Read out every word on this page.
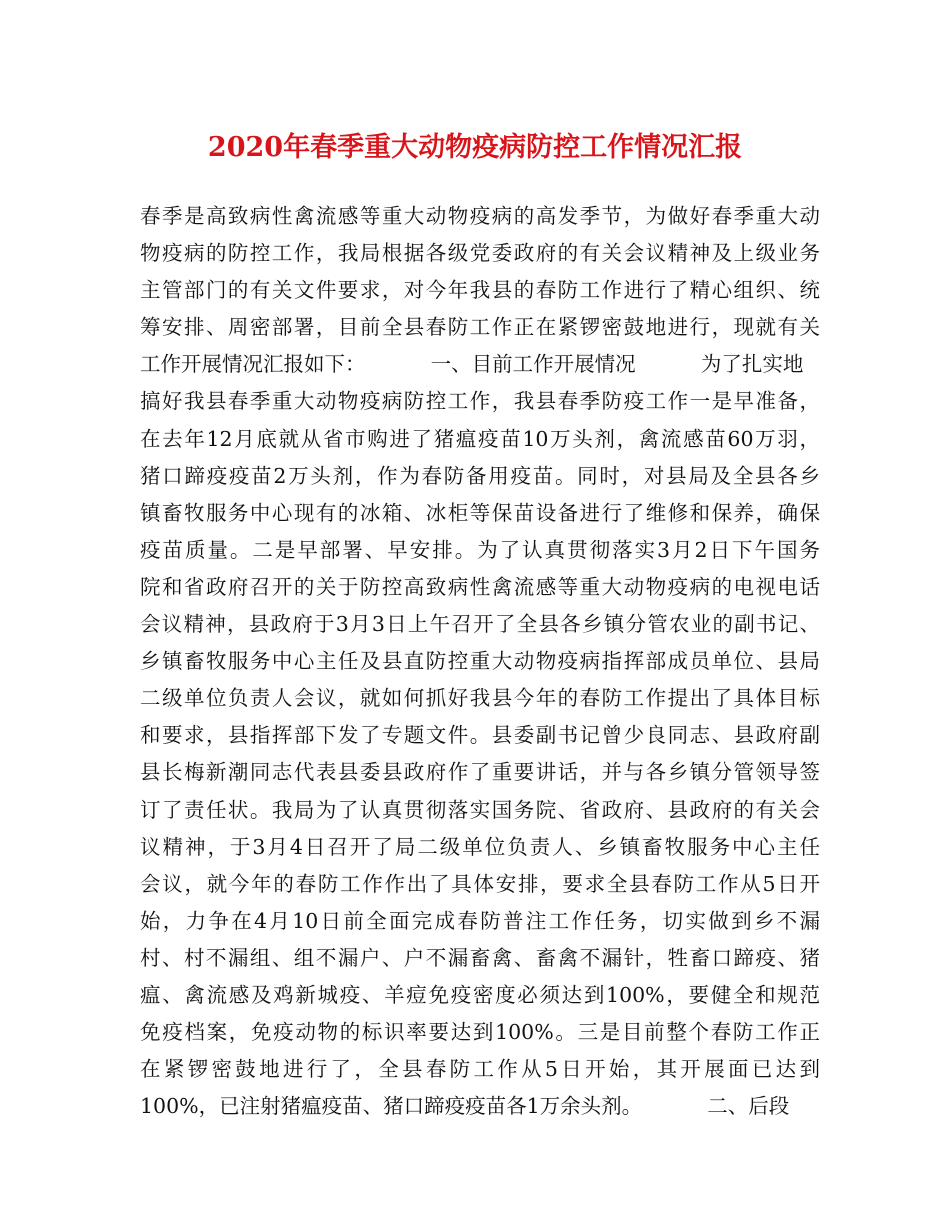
2020年春季重大动物疫病防控工作情况汇报
春季是高致病性禽流感等重大动物疫病的高发季节，为做好春季重大动
物疫病的防控工作，我局根据各级党委政府的有关会议精神及上级业务
主管部门的有关文件要求，对今年我县的春防工作进行了精心组织、统
筹安排、周密部署，目前全县春防工作正在紧锣密鼓地进行，现就有关
工作开展情况汇报如下：          一、目前工作开展情况          为了扎实地
搞好我县春季重大动物疫病防控工作，我县春季防疫工作一是早准备，
在去年12月底就从省市购进了猪瘟疫苗10万头剂，禽流感苗60万羽，
猪口蹄疫疫苗2万头剂，作为春防备用疫苗。同时，对县局及全县各乡
镇畜牧服务中心现有的冰箱、冰柜等保苗设备进行了维修和保养，确保
疫苗质量。二是早部署、早安排。为了认真贯彻落实3月2日下午国务
院和省政府召开的关于防控高致病性禽流感等重大动物疫病的电视电话
会议精神，县政府于3月3日上午召开了全县各乡镇分管农业的副书记、
乡镇畜牧服务中心主任及县直防控重大动物疫病指挥部成员单位、县局
二级单位负责人会议，就如何抓好我县今年的春防工作提出了具体目标
和要求，县指挥部下发了专题文件。县委副书记曾少良同志、县政府副
县长梅新潮同志代表县委县政府作了重要讲话，并与各乡镇分管领导签
订了责任状。我局为了认真贯彻落实国务院、省政府、县政府的有关会
议精神，于3月4日召开了局二级单位负责人、乡镇畜牧服务中心主任
会议，就今年的春防工作作出了具体安排，要求全县春防工作从5日开
始，力争在4月10日前全面完成春防普注工作任务，切实做到乡不漏
村、村不漏组、组不漏户、户不漏畜禽、畜禽不漏针，牲畜口蹄疫、猪
瘟、禽流感及鸡新城疫、羊痘免疫密度必须达到100%，要健全和规范
免疫档案，免疫动物的标识率要达到100%。三是目前整个春防工作正
在紧锣密鼓地进行了，全县春防工作从5日开始，其开展面已达到
100%，已注射猪瘟疫苗、猪口蹄疫疫苗各1万余头剂。          二、后段
